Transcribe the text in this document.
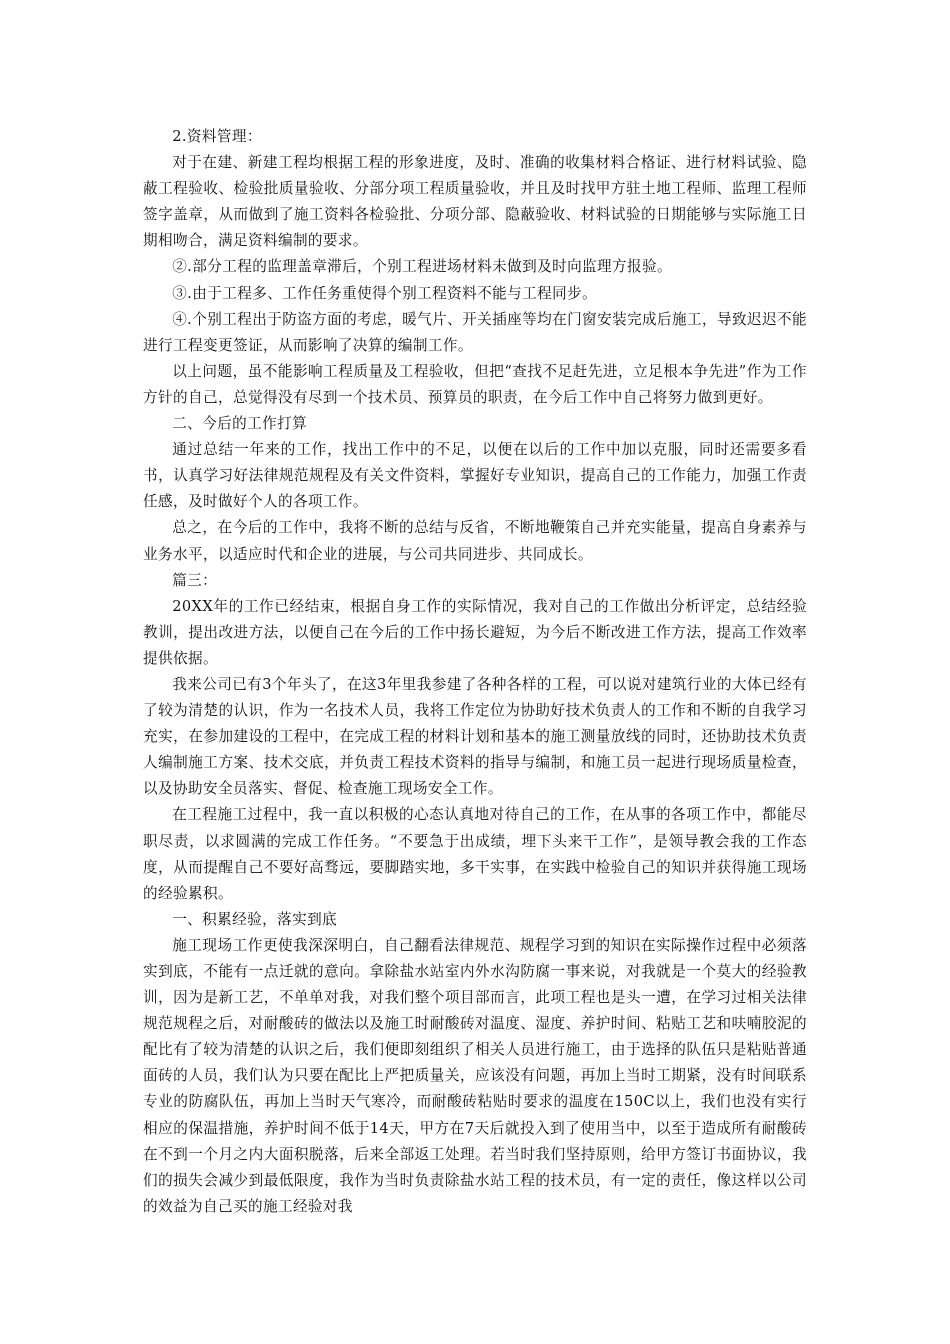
2.资料管理：

对于在建、新建工程均根据工程的形象进度，及时、准确的收集材料合格证、进行材料试验、隐蔽工程验收、检验批质量验收、分部分项工程质量验收，并且及时找甲方驻土地工程师、监理工程师签字盖章，从而做到了施工资料各检验批、分项分部、隐蔽验收、材料试验的日期能够与实际施工日期相吻合，满足资料编制的要求。

②.部分工程的监理盖章滞后，个别工程进场材料未做到及时向监理方报验。

③.由于工程多、工作任务重使得个别工程资料不能与工程同步。

④.个别工程出于防盗方面的考虑，暖气片、开关插座等均在门窗安装完成后施工，导致迟迟不能进行工程变更签证，从而影响了决算的编制工作。

以上问题，虽不能影响工程质量及工程验收，但把“查找不足赶先进，立足根本争先进”作为工作方针的自己，总觉得没有尽到一个技术员、预算员的职责，在今后工作中自己将努力做到更好。

二、今后的工作打算

通过总结一年来的工作，找出工作中的不足，以便在以后的工作中加以克服，同时还需要多看书，认真学习好法律规范规程及有关文件资料，掌握好专业知识，提高自己的工作能力，加强工作责任感，及时做好个人的各项工作。

总之，在今后的工作中，我将不断的总结与反省，不断地鞭策自己并充实能量，提高自身素养与业务水平，以适应时代和企业的进展，与公司共同进步、共同成长。

篇三：

20XX年的工作已经结束，根据自身工作的实际情况，我对自己的工作做出分析评定，总结经验教训，提出改进方法，以便自己在今后的工作中扬长避短，为今后不断改进工作方法，提高工作效率提供依据。

我来公司已有3个年头了，在这3年里我参建了各种各样的工程，可以说对建筑行业的大体已经有了较为清楚的认识，作为一名技术人员，我将工作定位为协助好技术负责人的工作和不断的自我学习充实，在参加建设的工程中，在完成工程的材料计划和基本的施工测量放线的同时，还协助技术负责人编制施工方案、技术交底，并负责工程技术资料的指导与编制，和施工员一起进行现场质量检查，以及协助安全员落实、督促、检查施工现场安全工作。

在工程施工过程中，我一直以积极的心态认真地对待自己的工作，在从事的各项工作中，都能尽职尽责，以求圆满的完成工作任务。“不要急于出成绩，埋下头来干工作”，是领导教会我的工作态度，从而提醒自己不要好高骛远，要脚踏实地，多干实事，在实践中检验自己的知识并获得施工现场的经验累积。

一、积累经验，落实到底

施工现场工作更使我深深明白，自己翻看法律规范、规程学习到的知识在实际操作过程中必须落实到底，不能有一点迁就的意向。拿除盐水站室内外水沟防腐一事来说，对我就是一个莫大的经验教训，因为是新工艺，不单单对我，对我们整个项目部而言，此项工程也是头一遭，在学习过相关法律规范规程之后，对耐酸砖的做法以及施工时耐酸砖对温度、湿度、养护时间、粘贴工艺和呋喃胶泥的配比有了较为清楚的认识之后，我们便即刻组织了相关人员进行施工，由于选择的队伍只是粘贴普通面砖的人员，我们认为只要在配比上严把质量关，应该没有问题，再加上当时工期紧，没有时间联系专业的防腐队伍，再加上当时天气寒冷，而耐酸砖粘贴时要求的温度在150C以上，我们也没有实行相应的保温措施，养护时间不低于14天，甲方在7天后就投入到了使用当中，以至于造成所有耐酸砖在不到一个月之内大面积脱落，后来全部返工处理。若当时我们坚持原则，给甲方签订书面协议，我们的损失会减少到最低限度，我作为当时负责除盐水站工程的技术员，有一定的责任，像这样以公司的效益为自己买的施工经验对我
